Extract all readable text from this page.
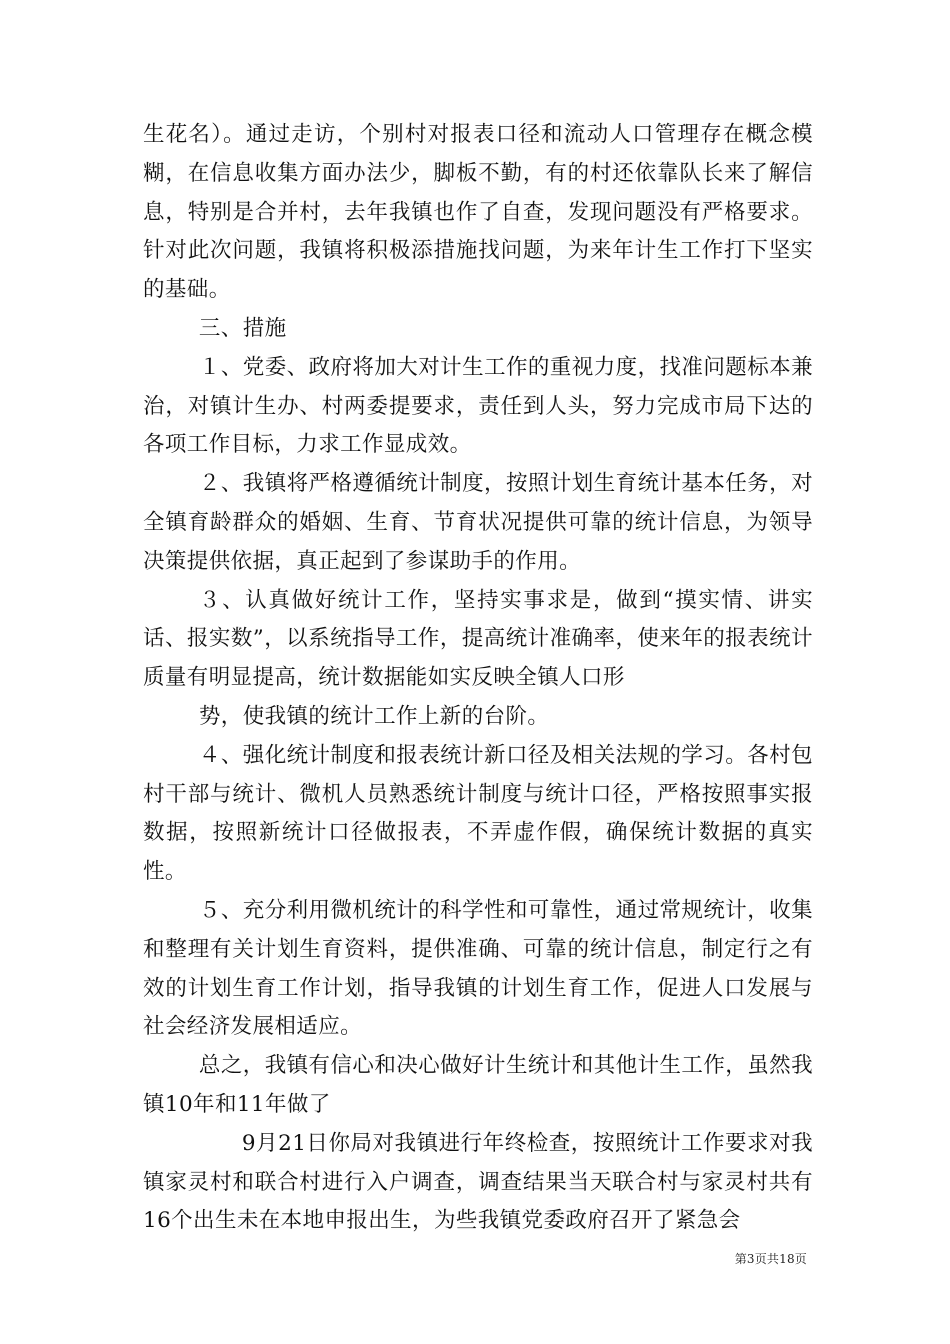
生花名）。通过走访，个别村对报表口径和流动人口管理存在概念模糊，在信息收集方面办法少，脚板不勤，有的村还依靠队长来了解信息，特别是合并村，去年我镇也作了自查，发现问题没有严格要求。针对此次问题，我镇将积极添措施找问题，为来年计生工作打下坚实的基础。

三、措施

１、党委、政府将加大对计生工作的重视力度，找准问题标本兼治，对镇计生办、村两委提要求，责任到人头，努力完成市局下达的各项工作目标，力求工作显成效。

２、我镇将严格遵循统计制度，按照计划生育统计基本任务，对全镇育龄群众的婚姻、生育、节育状况提供可靠的统计信息，为领导决策提供依据，真正起到了参谋助手的作用。

３、认真做好统计工作，坚持实事求是，做到“摸实情、讲实话、报实数”，以系统指导工作，提高统计准确率，使来年的报表统计质量有明显提高，统计数据能如实反映全镇人口形

势，使我镇的统计工作上新的台阶。

４、强化统计制度和报表统计新口径及相关法规的学习。各村包村干部与统计、微机人员熟悉统计制度与统计口径，严格按照事实报数据，按照新统计口径做报表，不弄虚作假，确保统计数据的真实性。

５、充分利用微机统计的科学性和可靠性，通过常规统计，收集和整理有关计划生育资料，提供准确、可靠的统计信息，制定行之有效的计划生育工作计划，指导我镇的计划生育工作，促进人口发展与社会经济发展相适应。

总之，我镇有信心和决心做好计生统计和其他计生工作，虽然我镇10年和11年做了

9月21日你局对我镇进行年终检查，按照统计工作要求对我镇家灵村和联合村进行入户调查，调查结果当天联合村与家灵村共有16个出生未在本地申报出生，为些我镇党委政府召开了紧急会

第3页共18页
